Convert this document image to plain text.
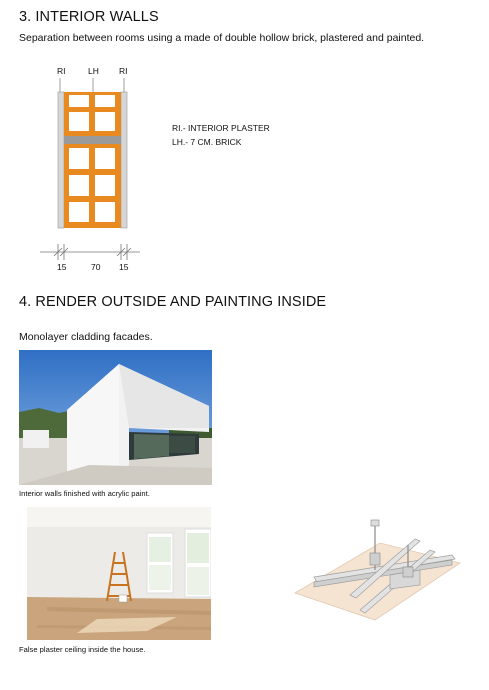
3. INTERIOR WALLS
Separation between rooms using a made of double hollow brick, plastered and painted.
RI	LH RI
15	70 15
RI.- INTERIOR PLASTER
LH.- 7 CM. BRICK
4. RENDER OUTSIDE AND PAINTING INSIDE
Monolayer cladding facades.
Interior walls finished with acrylic paint.
False plaster ceiling inside the house.
